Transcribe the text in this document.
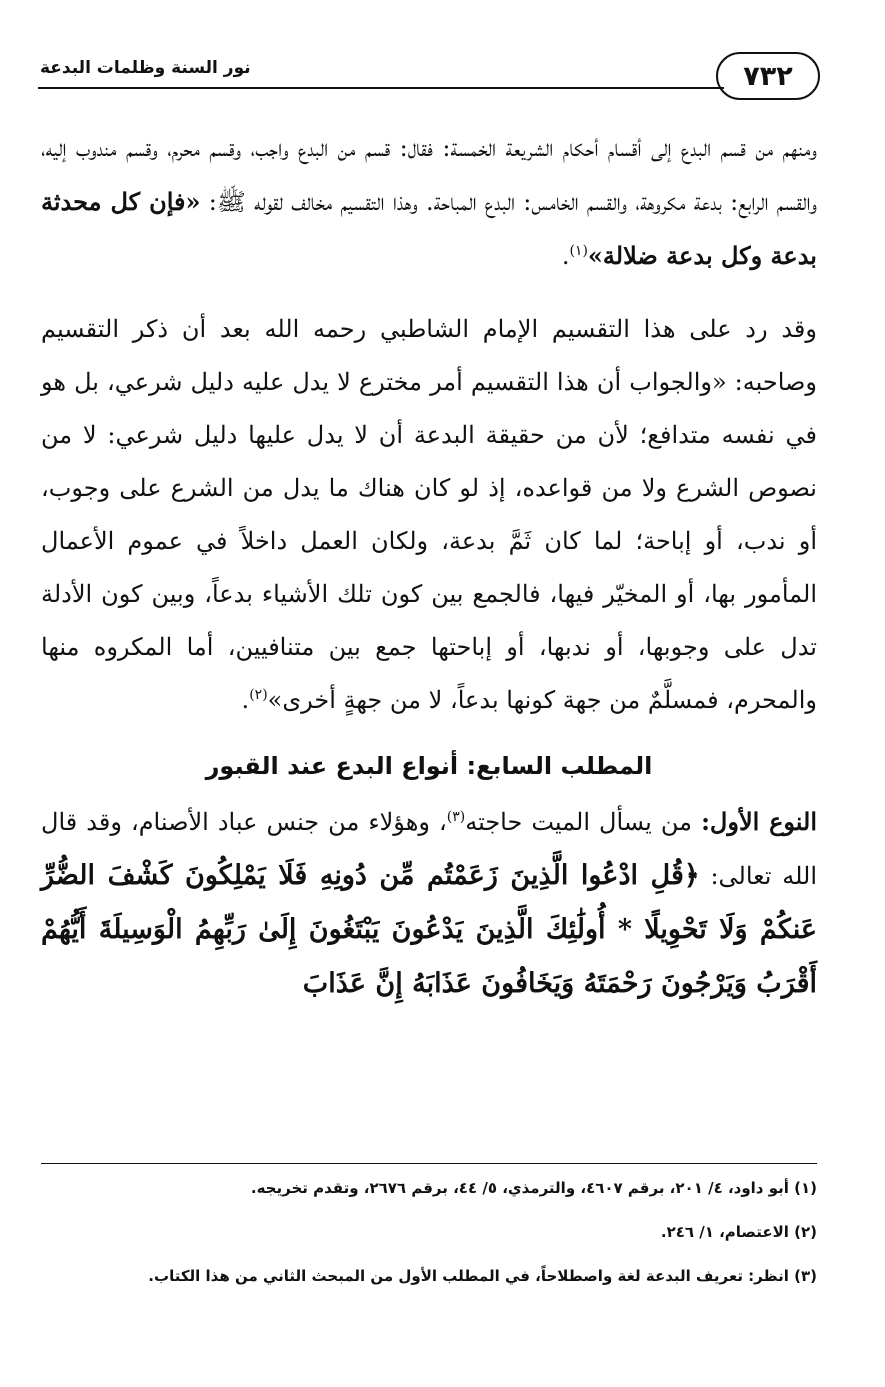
٧٣٢
نور السنة وظلمات البدعة

ومنهم من قسم البدع إلى أقسام أحكام الشريعة الخمسة: فقال: قسم من البدع واجب، وقسم محرم، وقسم مندوب إليه، والقسم الرابع: بدعة مكروهة، والقسم الخامس: البدع المباحة. وهذا التقسيم مخالف لقوله ﷺ: «فإن كل محدثة بدعة وكل بدعة ضلالة»$^{(١)}$.

وقد رد على هذا التقسيم الإمام الشاطبي رحمه الله بعد أن ذكر التقسيم وصاحبه: «والجواب أن هذا التقسيم أمر مخترع لا يدل عليه دليل شرعي، بل هو في نفسه متدافع؛ لأن من حقيقة البدعة أن لا يدل عليها دليل شرعي: لا من نصوص الشرع ولا من قواعده، إذ لو كان هناك ما يدل من الشرع على وجوب، أو ندب، أو إباحة؛ لما كان ثَمَّ بدعة، ولكان العمل داخلاً في عموم الأعمال المأمور بها، أو المخيّر فيها، فالجمع بين كون تلك الأشياء بدعاً، وبين كون الأدلة تدل على وجوبها، أو ندبها، أو إباحتها جمع بين متنافيين، أما المكروه منها والمحرم، فمسلَّمٌ من جهة كونها بدعاً، لا من جهةٍ أخرى»$^{(٢)}$.

المطلب السابع: أنواع البدع عند القبور

النوع الأول: من يسأل الميت حاجته$^{(٣)}$، وهؤلاء من جنس عباد الأصنام، وقد قال الله تعالى: ﴿قُلِ ادْعُوا الَّذِينَ زَعَمْتُم مِّن دُونِهِ فَلَا يَمْلِكُونَ كَشْفَ الضُّرِّ عَنكُمْ وَلَا تَحْوِيلًا * أُولَٰئِكَ الَّذِينَ يَدْعُونَ يَبْتَغُونَ إِلَىٰ رَبِّهِمُ الْوَسِيلَةَ أَيُّهُمْ أَقْرَبُ وَيَرْجُونَ رَحْمَتَهُ وَيَخَافُونَ عَذَابَهُ إِنَّ عَذَابَ

(١) أبو داود، ٤/ ٢٠١، برقم ٤٦٠٧، والترمذي، ٥/ ٤٤، برقم ٢٦٧٦، وتقدم تخريجه.

(٢) الاعتصام، ١/ ٢٤٦.

(٣) انظر: تعريف البدعة لغة واصطلاحاً، في المطلب الأول من المبحث الثاني من هذا الكتاب.
